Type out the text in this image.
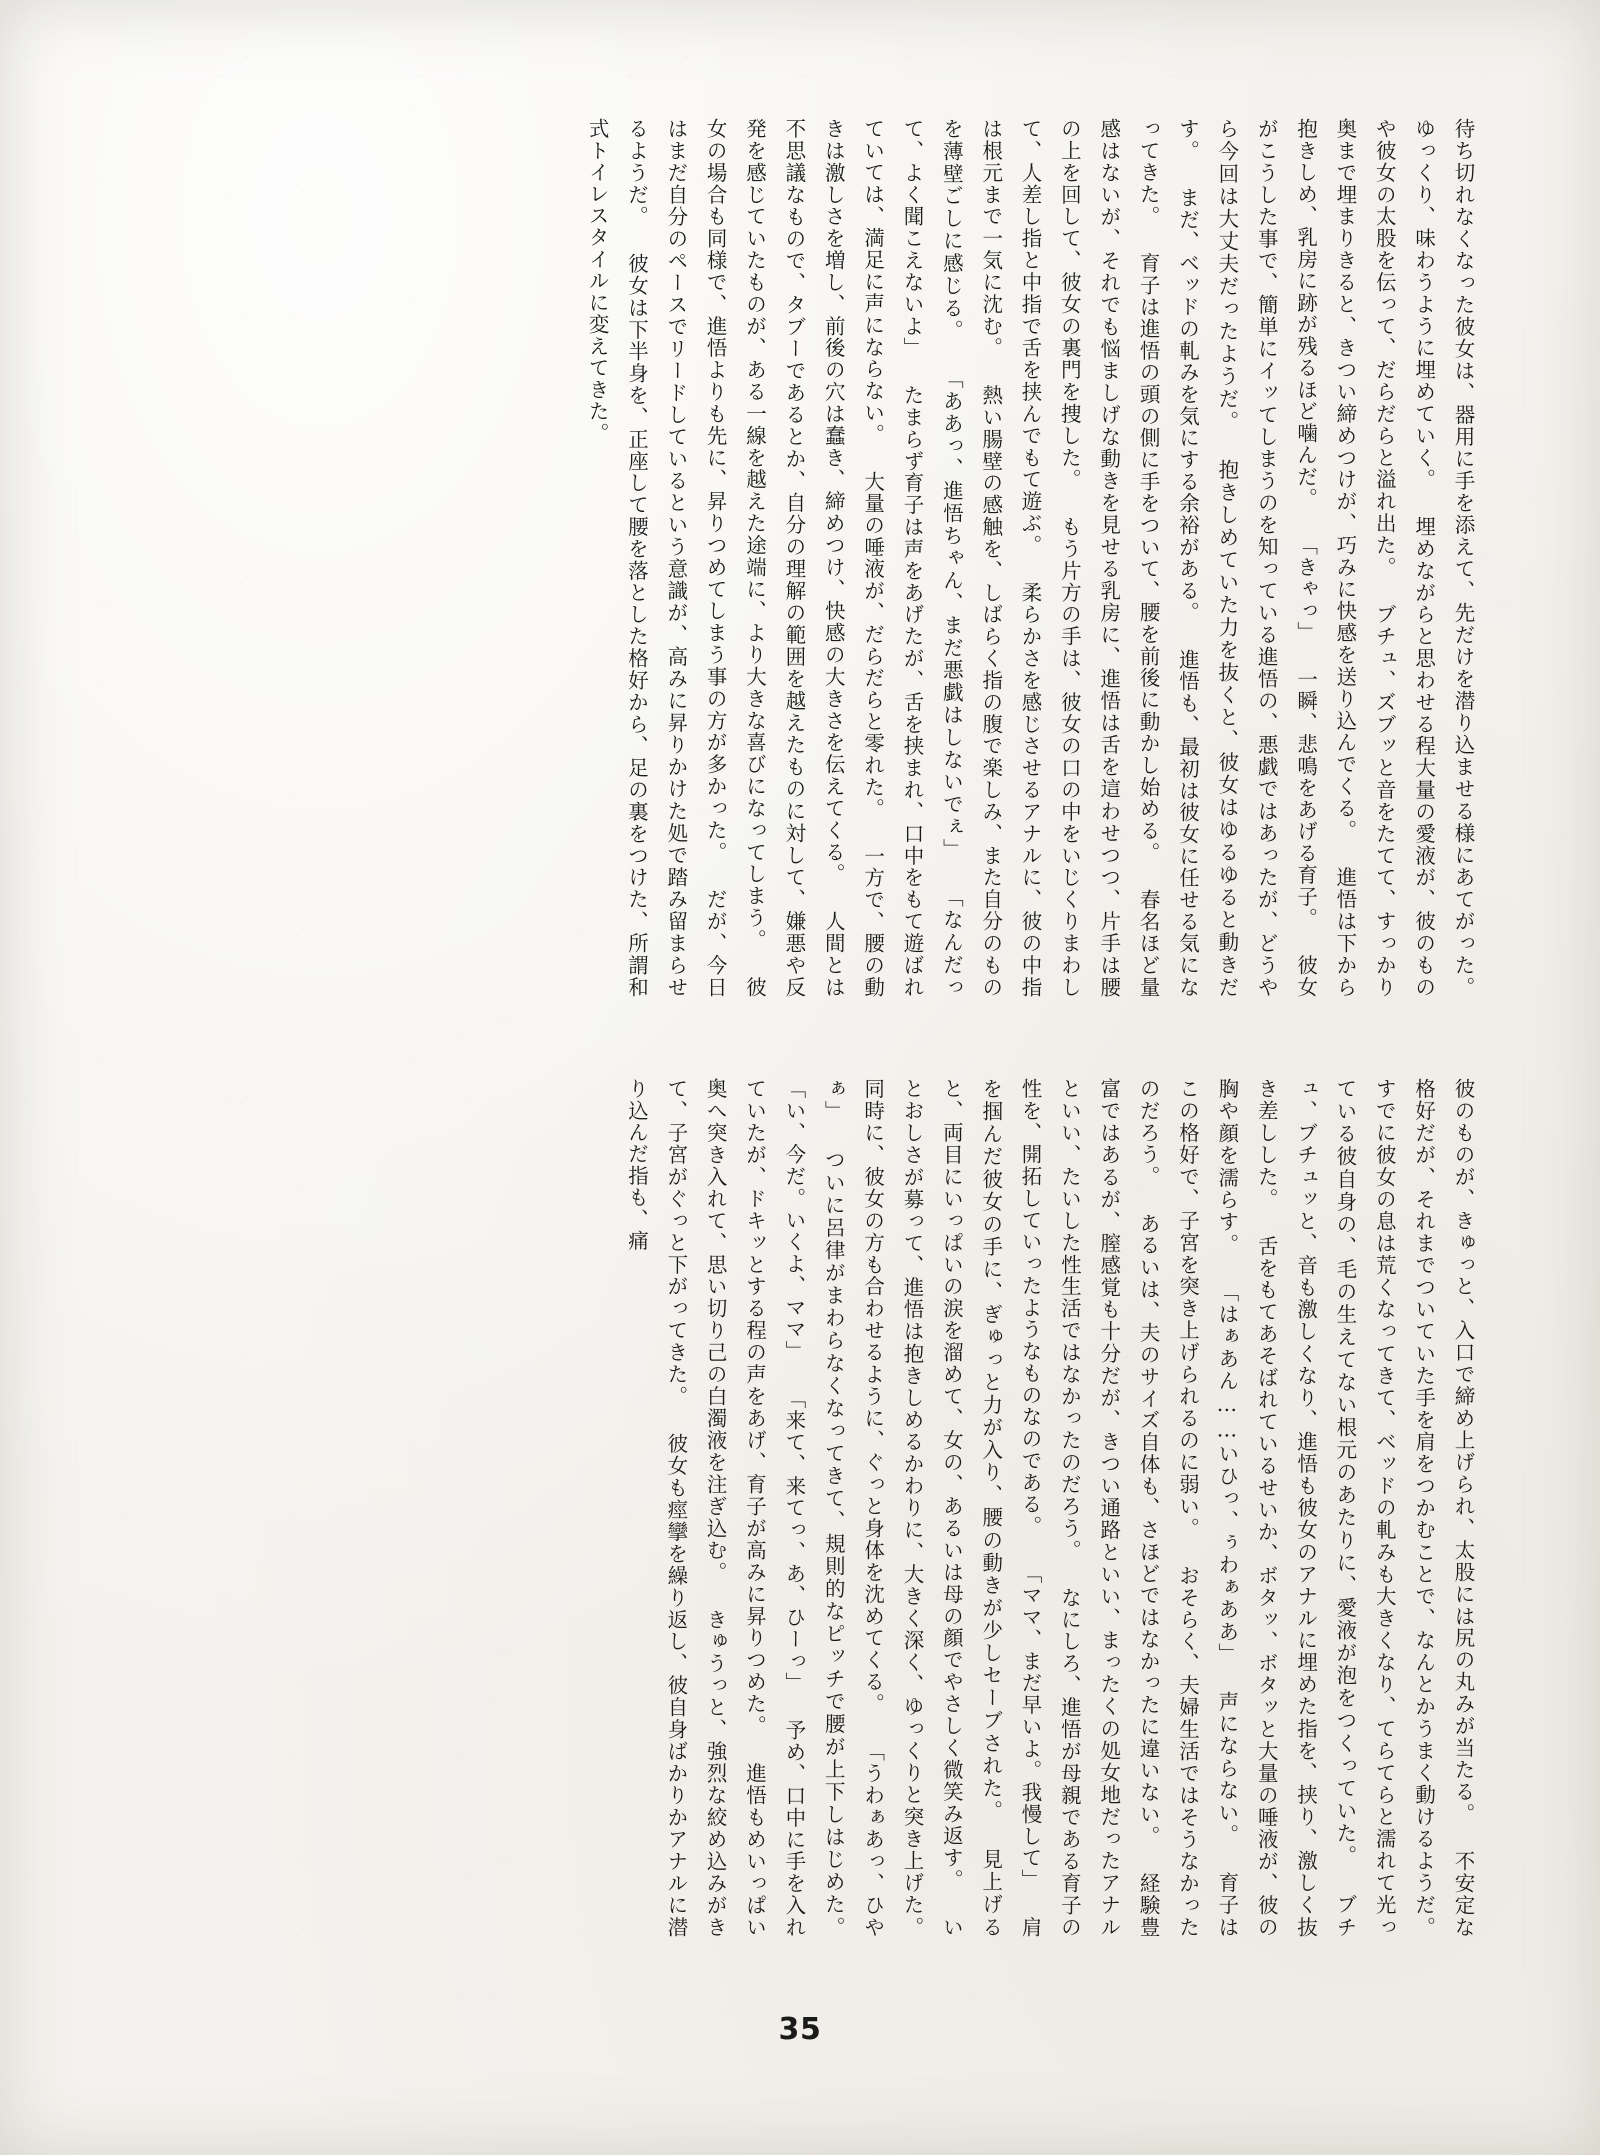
待ち切れなくなった彼女は、器用に手を添えて、先だけを潜り込ませる様にあてがった。 ゆっくり、味わうように埋めていく。 埋めながらと思わせる程大量の愛液が、彼のものや彼女の太股を伝って、だらだらと溢れ出た。 ブチュ、ズブッと音をたてて、すっかり奥まで埋まりきると、きつい締めつけが、巧みに快感を送り込んでくる。 進悟は下から抱きしめ、乳房に跡が残るほど噛んだ。 「きゃっ」 一瞬、悲鳴をあげる育子。 彼女がこうした事で、簡単にイッてしまうのを知っている進悟の、悪戯ではあったが、どうやら今回は大丈夫だったようだ。 抱きしめていた力を抜くと、彼女はゆるゆると動きだす。 まだ、ベッドの軋みを気にする余裕がある。 進悟も、最初は彼女に任せる気になってきた。 育子は進悟の頭の側に手をついて、腰を前後に動かし始める。 春名ほど量感はないが、それでも悩ましげな動きを見せる乳房に、進悟は舌を這わせつつ、片手は腰の上を回して、彼女の裏門を捜した。 もう片方の手は、彼女の口の中をいじくりまわして、人差し指と中指で舌を挟んでもて遊ぶ。 柔らかさを感じさせるアナルに、彼の中指は根元まで一気に沈む。 熱い腸壁の感触を、しばらく指の腹で楽しみ、また自分のものを薄壁ごしに感じる。 「ああっ、進悟ちゃん、まだ悪戯はしないでぇ」 「なんだって、よく聞こえないよ」 たまらず育子は声をあげたが、舌を挟まれ、口中をもて遊ばれていては、満足に声にならない。 大量の唾液が、だらだらと零れた。 一方で、腰の動きは激しさを増し、前後の穴は蠢き、締めつけ、快感の大きさを伝えてくる。 人間とは不思議なもので、タブーであるとか、自分の理解の範囲を越えたものに対して、嫌悪や反発を感じていたものが、ある一線を越えた途端に、より大きな喜びになってしまう。 彼女の場合も同様で、進悟よりも先に、昇りつめてしまう事の方が多かった。 だが、今日はまだ自分のペースでリードしているという意識が、高みに昇りかけた処で踏み留まらせるようだ。 彼女は下半身を、正座して腰を落とした格好から、足の裏をつけた、所謂和式トイレスタイルに変えてきた。
彼のものが、きゅっと、入口で締め上げられ、太股には尻の丸みが当たる。 不安定な格好だが、それまでついていた手を肩をつかむことで、なんとかうまく動けるようだ。 すでに彼女の息は荒くなってきて、ベッドの軋みも大きくなり、てらてらと濡れて光っている彼自身の、毛の生えてない根元のあたりに、愛液が泡をつくっていた。 ブチュ、ブチュッと、音も激しくなり、進悟も彼女のアナルに埋めた指を、挟り、激しく抜き差しした。 舌をもてあそばれているせいか、ボタッ、ボタッと大量の唾液が、彼の胸や顔を濡らす。 「はぁあん……いひっ、ぅわぁああ」 声にならない。 育子はこの格好で、子宮を突き上げられるのに弱い。 おそらく、夫婦生活ではそうなかったのだろう。 あるいは、夫のサイズ自体も、さほどではなかったに違いない。 経験豊富ではあるが、膣感覚も十分だが、きつい通路といい、まったくの処女地だったアナルといい、たいした性生活ではなかったのだろう。 なにしろ、進悟が母親である育子の性を、開拓していったようなものなのである。 「ママ、まだ早いよ。我慢して」 肩を掴んだ彼女の手に、ぎゅっと力が入り、腰の動きが少しセーブされた。 見上げると、両目にいっぱいの涙を溜めて、女の、あるいは母の顔でやさしく微笑み返す。 いとおしさが募って、進悟は抱きしめるかわりに、大きく深く、ゆっくりと突き上げた。 同時に、彼女の方も合わせるように、ぐっと身体を沈めてくる。 「うわぁあっ、ひやぁ」 ついに呂律がまわらなくなってきて、規則的なピッチで腰が上下しはじめた。 「い、今だ。いくよ、ママ」 「来て、来てっ、あ、ひーっ」 予め、口中に手を入れていたが、ドキッとする程の声をあげ、育子が高みに昇りつめた。 進悟もめいっぱい奥へ突き入れて、思い切り己の白濁液を注ぎ込む。 きゅうっと、強烈な絞め込みがきて、子宮がぐっと下がってきた。 彼女も痙攣を繰り返し、彼自身ばかりかアナルに潜り込んだ指も、痛
35
